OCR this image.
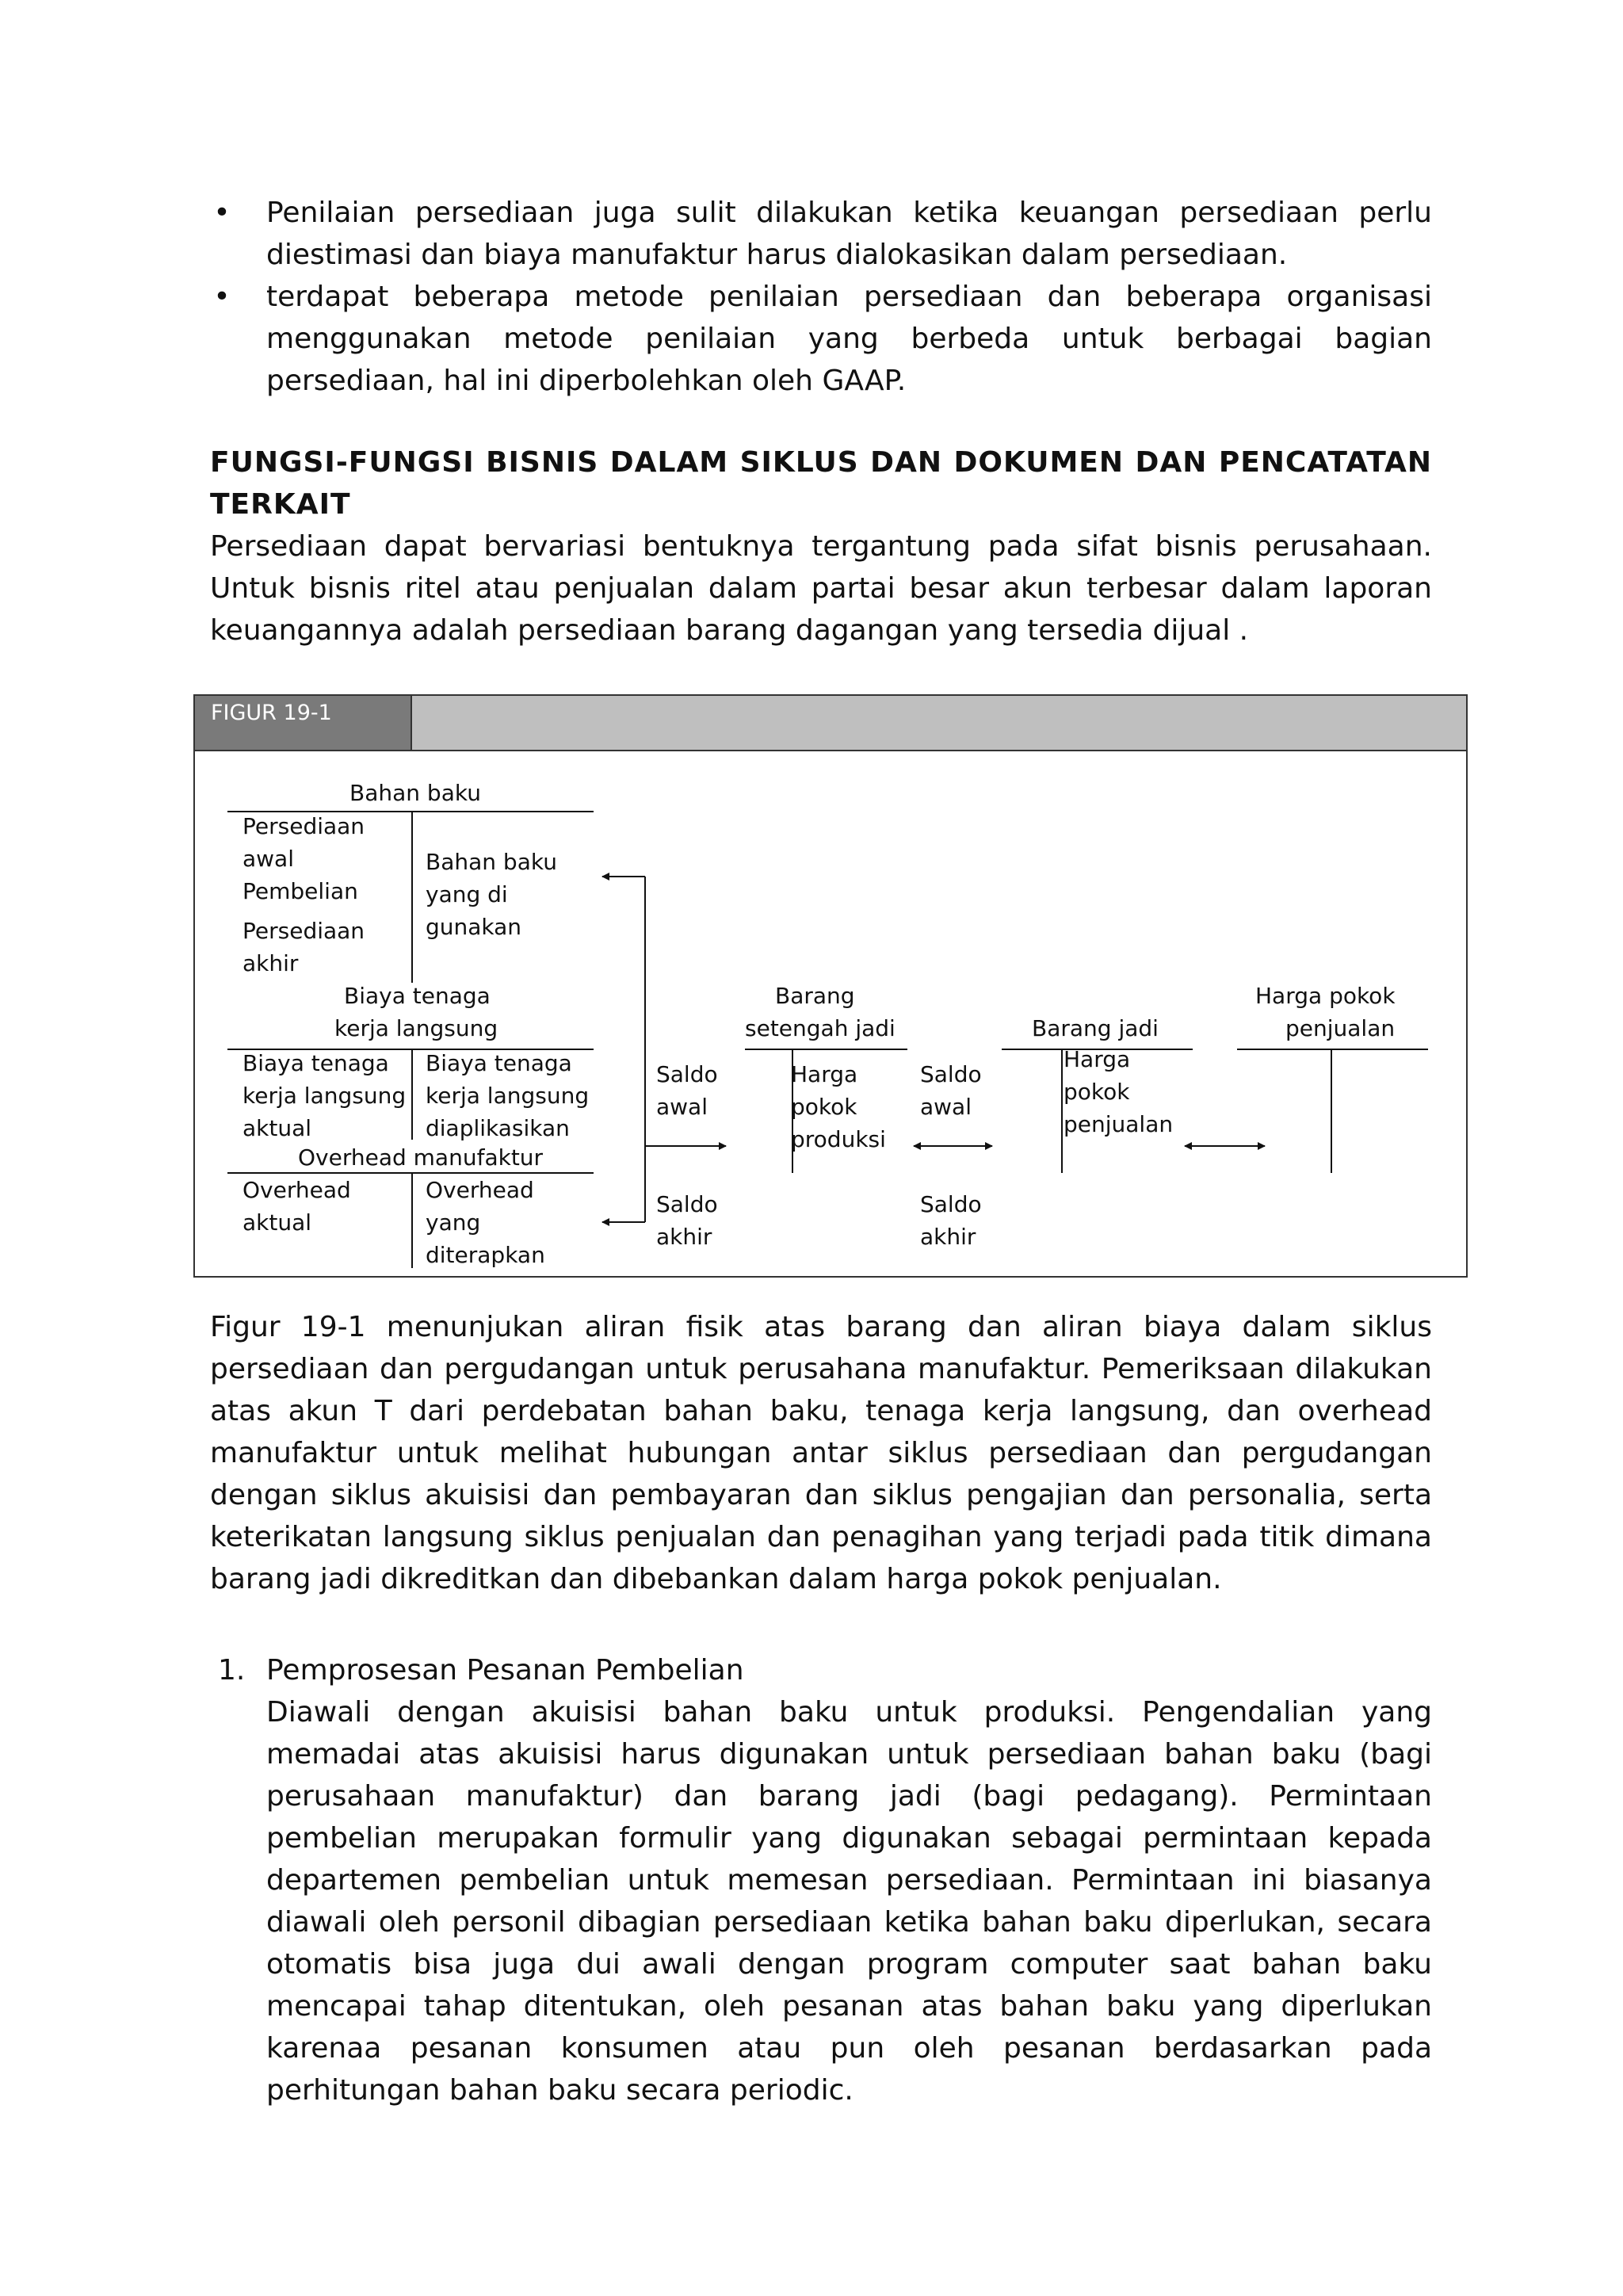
• Penilaian persediaan juga sulit dilakukan ketika keuangan persediaan perlu diestimasi dan biaya manufaktur harus dialokasikan dalam persediaan.
• terdapat beberapa metode penilaian persediaan dan beberapa organisasi menggunakan metode penilaian yang berbeda untuk berbagai bagian persediaan, hal ini diperbolehkan oleh GAAP.
FUNGSI-FUNGSI BISNIS DALAM SIKLUS DAN DOKUMEN DAN PENCATATAN TERKAIT

Persediaan dapat bervariasi bentuknya tergantung pada sifat bisnis perusahaan. Untuk bisnis ritel atau penjualan dalam partai besar akun terbesar dalam laporan keuangannya adalah persediaan barang dagangan yang tersedia dijual .

FIGUR 19-1
Bahan baku
Persediaan
awal
Pembelian
Persediaan
akhir
Bahan baku
yang di
gunakan
Biaya tenaga
kerja langsung
Biaya tenaga
kerja langsung
aktual
Biaya tenaga
kerja langsung
diaplikasikan
Overhead manufaktur
Overhead
aktual
Overhead
yang
diterapkan
Barang
setengah jadi
Saldo
awal
Saldo
akhir
Harga
pokok
produksi
Barang jadi
Saldo
awal
Saldo
akhir
Harga
pokok
penjualan
Harga pokok
penjualan

Figur 19-1 menunjukan aliran fisik atas barang dan aliran biaya dalam siklus persediaan dan pergudangan untuk perusahana manufaktur. Pemeriksaan dilakukan atas akun T dari perdebatan bahan baku, tenaga kerja langsung, dan overhead manufaktur untuk melihat hubungan antar siklus persediaan dan pergudangan dengan siklus akuisisi dan pembayaran dan siklus pengajian dan personalia, serta keterikatan langsung siklus penjualan dan penagihan yang terjadi pada titik dimana barang jadi dikreditkan dan dibebankan dalam harga pokok penjualan.

1. Pemprosesan Pesanan Pembelian
Diawali dengan akuisisi bahan baku untuk produksi. Pengendalian yang memadai atas akuisisi harus digunakan untuk persediaan bahan baku (bagi perusahaan manufaktur) dan barang jadi (bagi pedagang). Permintaan pembelian merupakan formulir yang digunakan sebagai permintaan kepada departemen pembelian untuk memesan persediaan. Permintaan ini biasanya diawali oleh personil dibagian persediaan ketika bahan baku diperlukan, secara otomatis bisa juga dui awali dengan program computer saat bahan baku mencapai tahap ditentukan, oleh pesanan atas bahan baku yang diperlukan karenaa pesanan konsumen atau pun oleh pesanan berdasarkan pada perhitungan bahan baku secara periodic.
